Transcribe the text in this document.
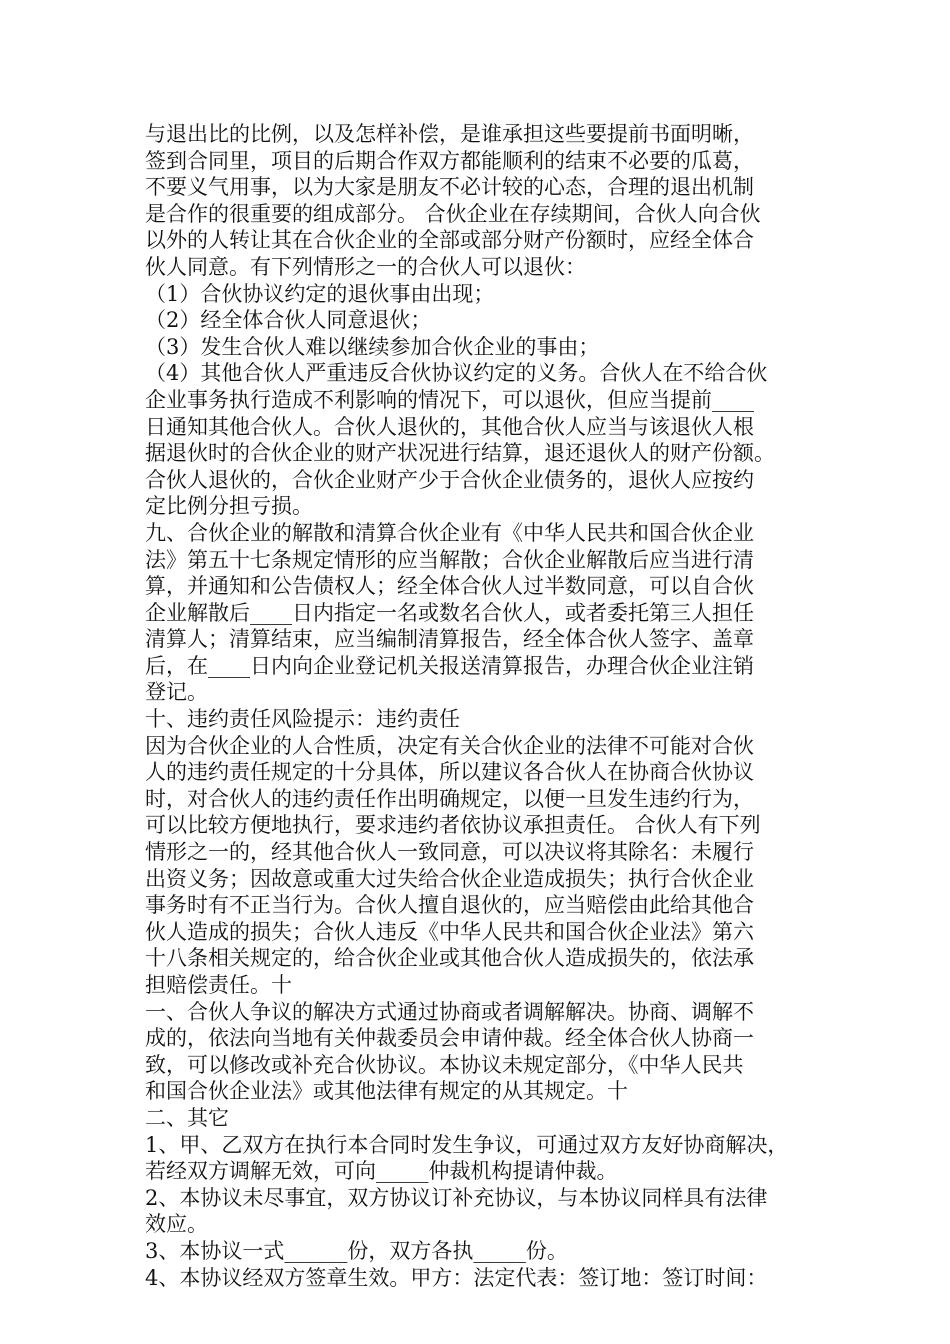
与退出比的比例，以及怎样补偿，是谁承担这些要提前书面明晰，
签到合同里，项目的后期合作双方都能顺利的结束不必要的瓜葛，
不要义气用事，以为大家是朋友不必计较的心态，合理的退出机制
是合作的很重要的组成部分。 合伙企业在存续期间，合伙人向合伙
以外的人转让其在合伙企业的全部或部分财产份额时，应经全体合
伙人同意。有下列情形之一的合伙人可以退伙：
（1）合伙协议约定的退伙事由出现；
（2）经全体合伙人同意退伙；
（3）发生合伙人难以继续参加合伙企业的事由；
（4）其他合伙人严重违反合伙协议约定的义务。合伙人在不给合伙
企业事务执行造成不利影响的情况下，可以退伙，但应当提前____
日通知其他合伙人。合伙人退伙的，其他合伙人应当与该退伙人根
据退伙时的合伙企业的财产状况进行结算，退还退伙人的财产份额。
合伙人退伙的，合伙企业财产少于合伙企业债务的，退伙人应按约
定比例分担亏损。
九、合伙企业的解散和清算合伙企业有《中华人民共和国合伙企业
法》第五十七条规定情形的应当解散；合伙企业解散后应当进行清
算，并通知和公告债权人；经全体合伙人过半数同意，可以自合伙
企业解散后____日内指定一名或数名合伙人，或者委托第三人担任
清算人；清算结束，应当编制清算报告，经全体合伙人签字、盖章
后，在____日内向企业登记机关报送清算报告，办理合伙企业注销
登记。
十、违约责任风险提示：违约责任
因为合伙企业的人合性质，决定有关合伙企业的法律不可能对合伙
人的违约责任规定的十分具体，所以建议各合伙人在协商合伙协议
时，对合伙人的违约责任作出明确规定，以便一旦发生违约行为，
可以比较方便地执行，要求违约者依协议承担责任。 合伙人有下列
情形之一的，经其他合伙人一致同意，可以决议将其除名：未履行
出资义务；因故意或重大过失给合伙企业造成损失；执行合伙企业
事务时有不正当行为。合伙人擅自退伙的，应当赔偿由此给其他合
伙人造成的损失；合伙人违反《中华人民共和国合伙企业法》第六
十八条相关规定的，给合伙企业或其他合伙人造成损失的，依法承
担赔偿责任。十
一、合伙人争议的解决方式通过协商或者调解解决。协商、调解不
成的，依法向当地有关仲裁委员会申请仲裁。经全体合伙人协商一
致，可以修改或补充合伙协议。本协议未规定部分，《中华人民共
和国合伙企业法》或其他法律有规定的从其规定。十
二、其它
1、甲、乙双方在执行本合同时发生争议，可通过双方友好协商解决，
若经双方调解无效，可向_____仲裁机构提请仲裁。
2、本协议未尽事宜，双方协议订补充协议，与本协议同样具有法律
效应。
3、本协议一式______份，双方各执_____份。
4、本协议经双方签章生效。甲方：法定代表：签订地：签订时间：
